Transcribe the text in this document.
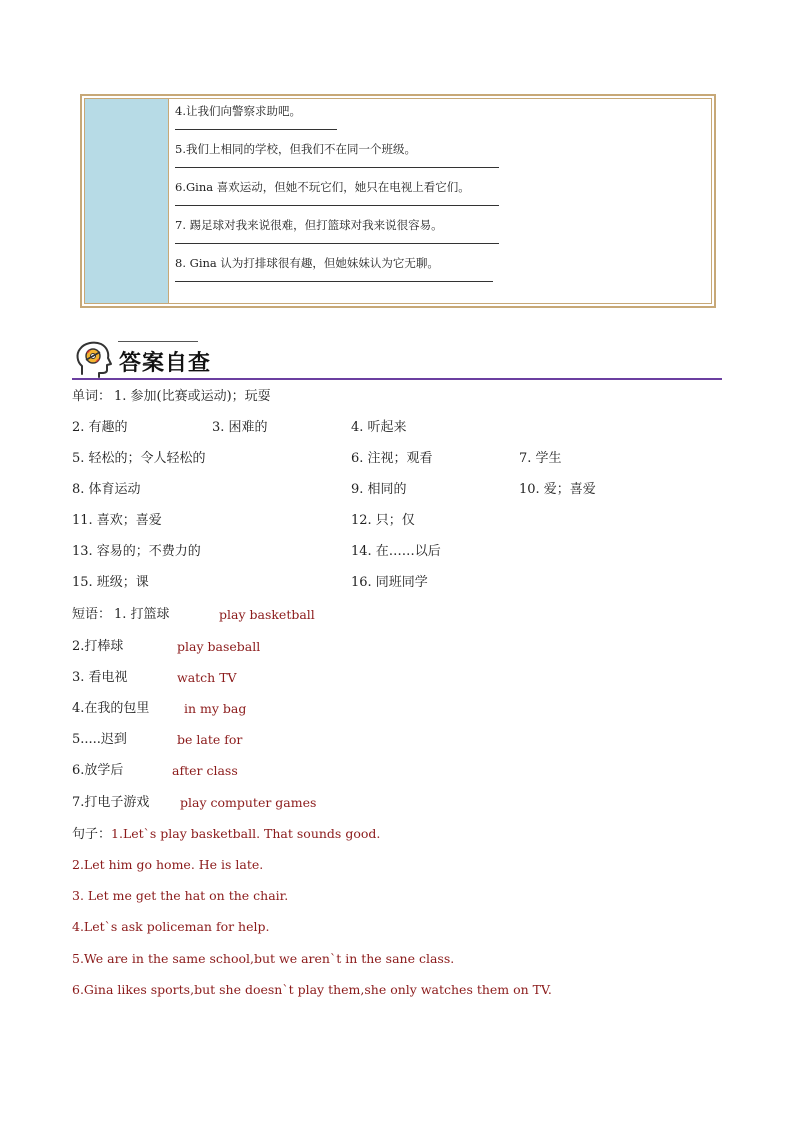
4.让我们向警察求助吧。
5.我们上相同的学校，但我们不在同一个班级。
6.Gina 喜欢运动，但她不玩它们，她只在电视上看它们。
7. 踢足球对我来说很难，但打篮球对我来说很容易。
8. Gina 认为打排球很有趣，但她妹妹认为它无聊。
答案自查
单词： 1. 参加(比赛或运动)；玩耍
2. 有趣的	3. 困难的	4. 听起来
5. 轻松的；令人轻松的	6. 注视；观看	7. 学生
8. 体育运动	9. 相同的	10. 爱；喜爱
11. 喜欢；喜爱	12. 只；仅
13. 容易的；不费力的	14. 在……以后
15. 班级；课	16. 同班同学
短语： 1. 打篮球	play basketball
2.打棒球	play baseball
3. 看电视	watch TV
4.在我的包里	in my bag
5.....迟到	be late for
6.放学后	after class
7.打电子游戏 play computer games
句子：1.Let`s play basketball. That sounds good.
2.Let him go home. He is late.
3. Let me get the hat on the chair.
4.Let`s ask policeman for help.
5.We are in the same school,but we aren`t in the sane class.
6.Gina likes sports,but she doesn`t play them,she only watches them on TV.
